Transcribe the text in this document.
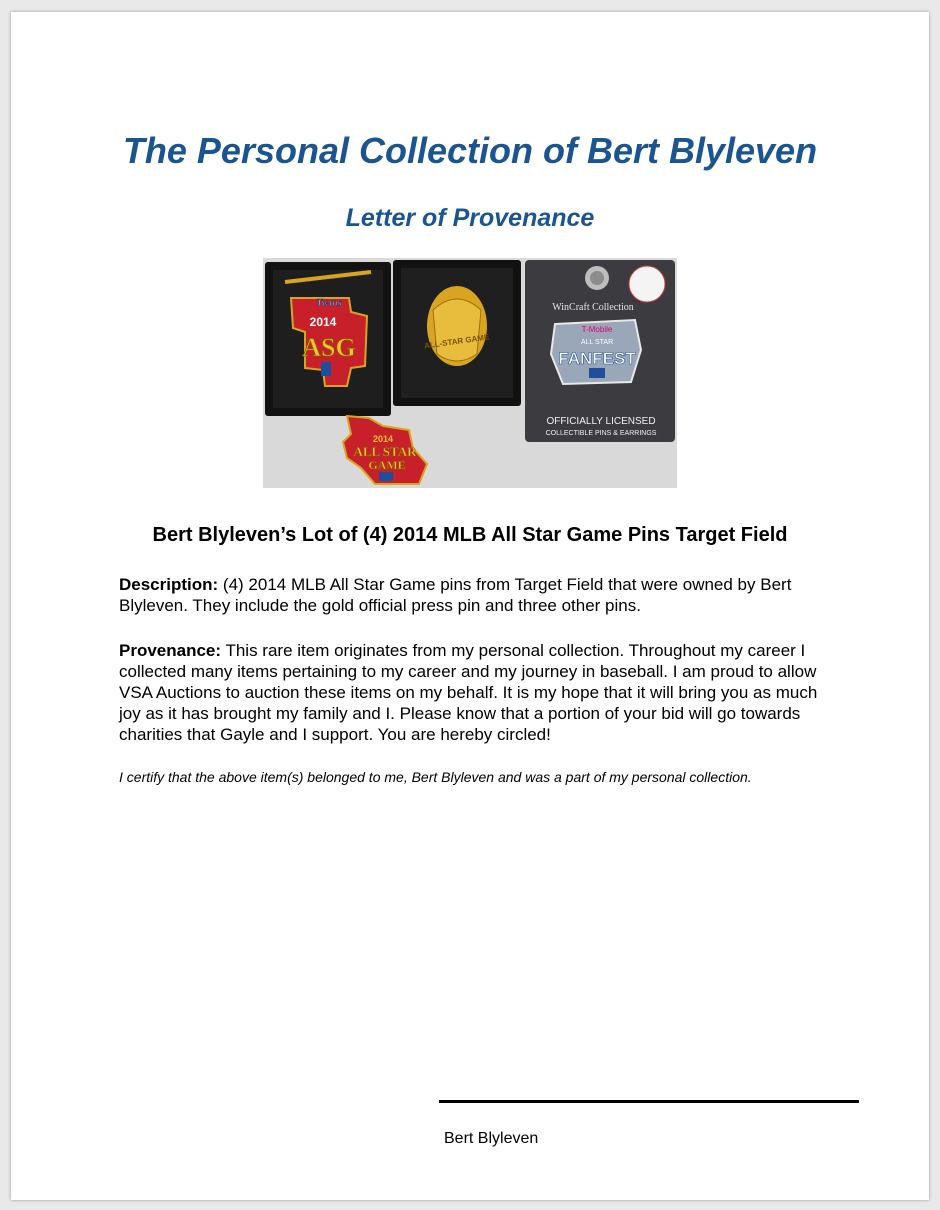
The Personal Collection of Bert Blyleven
Letter of Provenance
Twins
2014
ASG	ALL-STAR GAME
2014
ALL STAR
GAME
WinCraft Collection
T-Mobile
ALL STAR
FANFEST
OFFICIALLY LICENSED
COLLECTIBLE PINS & EARRINGS
Bert Blyleven’s Lot of (4) 2014 MLB All Star Game Pins Target Field

Description: (4) 2014 MLB All Star Game pins from Target Field that were owned by Bert Blyleven. They include the gold official press pin and three other pins.

Provenance: This rare item originates from my personal collection. Throughout my career I collected many items pertaining to my career and my journey in baseball. I am proud to allow VSA Auctions to auction these items on my behalf. It is my hope that it will bring you as much joy as it has brought my family and I. Please know that a portion of your bid will go towards charities that Gayle and I support. You are hereby circled!

I certify that the above item(s) belonged to me, Bert Blyleven and was a part of my personal collection.

Bert Blyleven
